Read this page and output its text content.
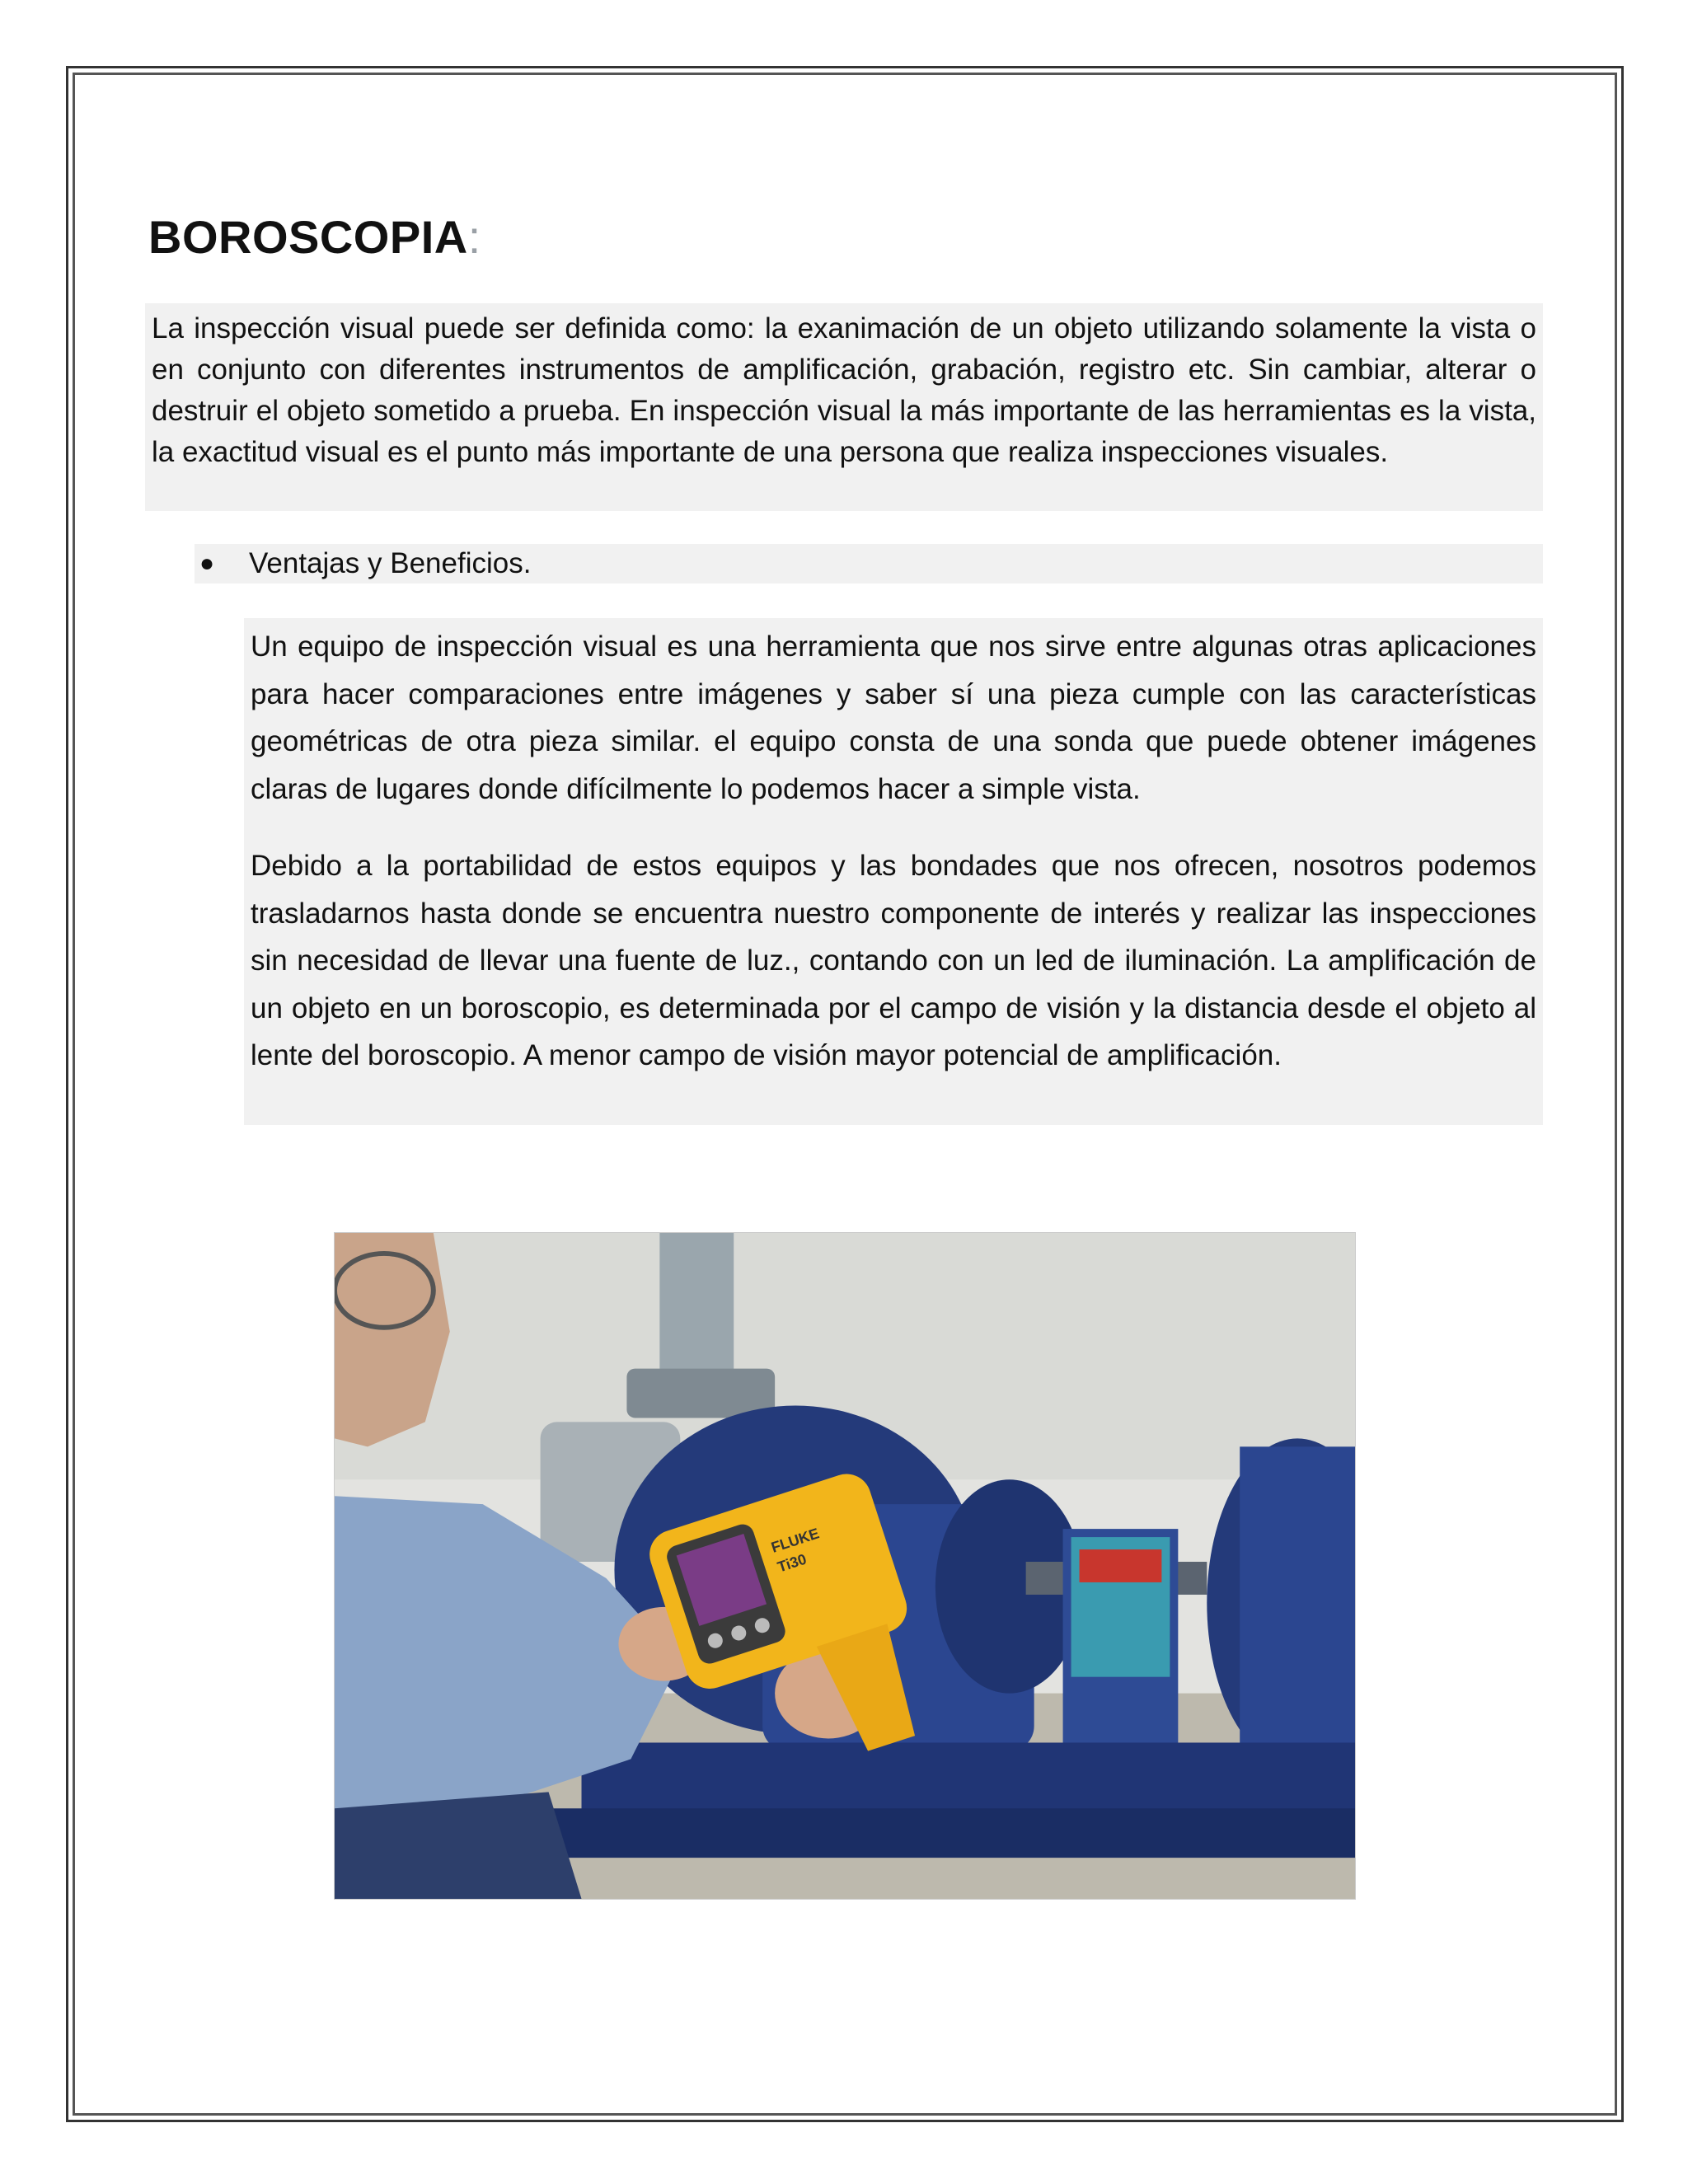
BOROSCOPIA:
La inspección visual puede ser definida como: la exanimación de un objeto utilizando solamente la vista o en conjunto con diferentes instrumentos de amplificación, grabación, registro etc. Sin cambiar, alterar o destruir el objeto sometido a prueba. En inspección visual la más importante de las herramientas es la vista, la exactitud visual es el punto más importante de una persona que realiza inspecciones visuales.
● Ventajas y Beneficios.

Un equipo de inspección visual es una herramienta que nos sirve entre algunas otras aplicaciones para hacer comparaciones entre imágenes y saber sí una pieza cumple con las características geométricas de otra pieza similar. el equipo consta de una sonda que puede obtener imágenes claras de lugares donde difícilmente lo podemos hacer a simple vista.

Debido a la portabilidad de estos equipos y las bondades que nos ofrecen, nosotros podemos trasladarnos hasta donde se encuentra nuestro componente de interés y realizar las inspecciones sin necesidad de llevar una fuente de luz., contando con un led de iluminación. La amplificación de un objeto en un boroscopio, es determinada por el campo de visión y la distancia desde el objeto al lente del boroscopio. A menor campo de visión mayor potencial de amplificación.

FLUKE
Ti30
